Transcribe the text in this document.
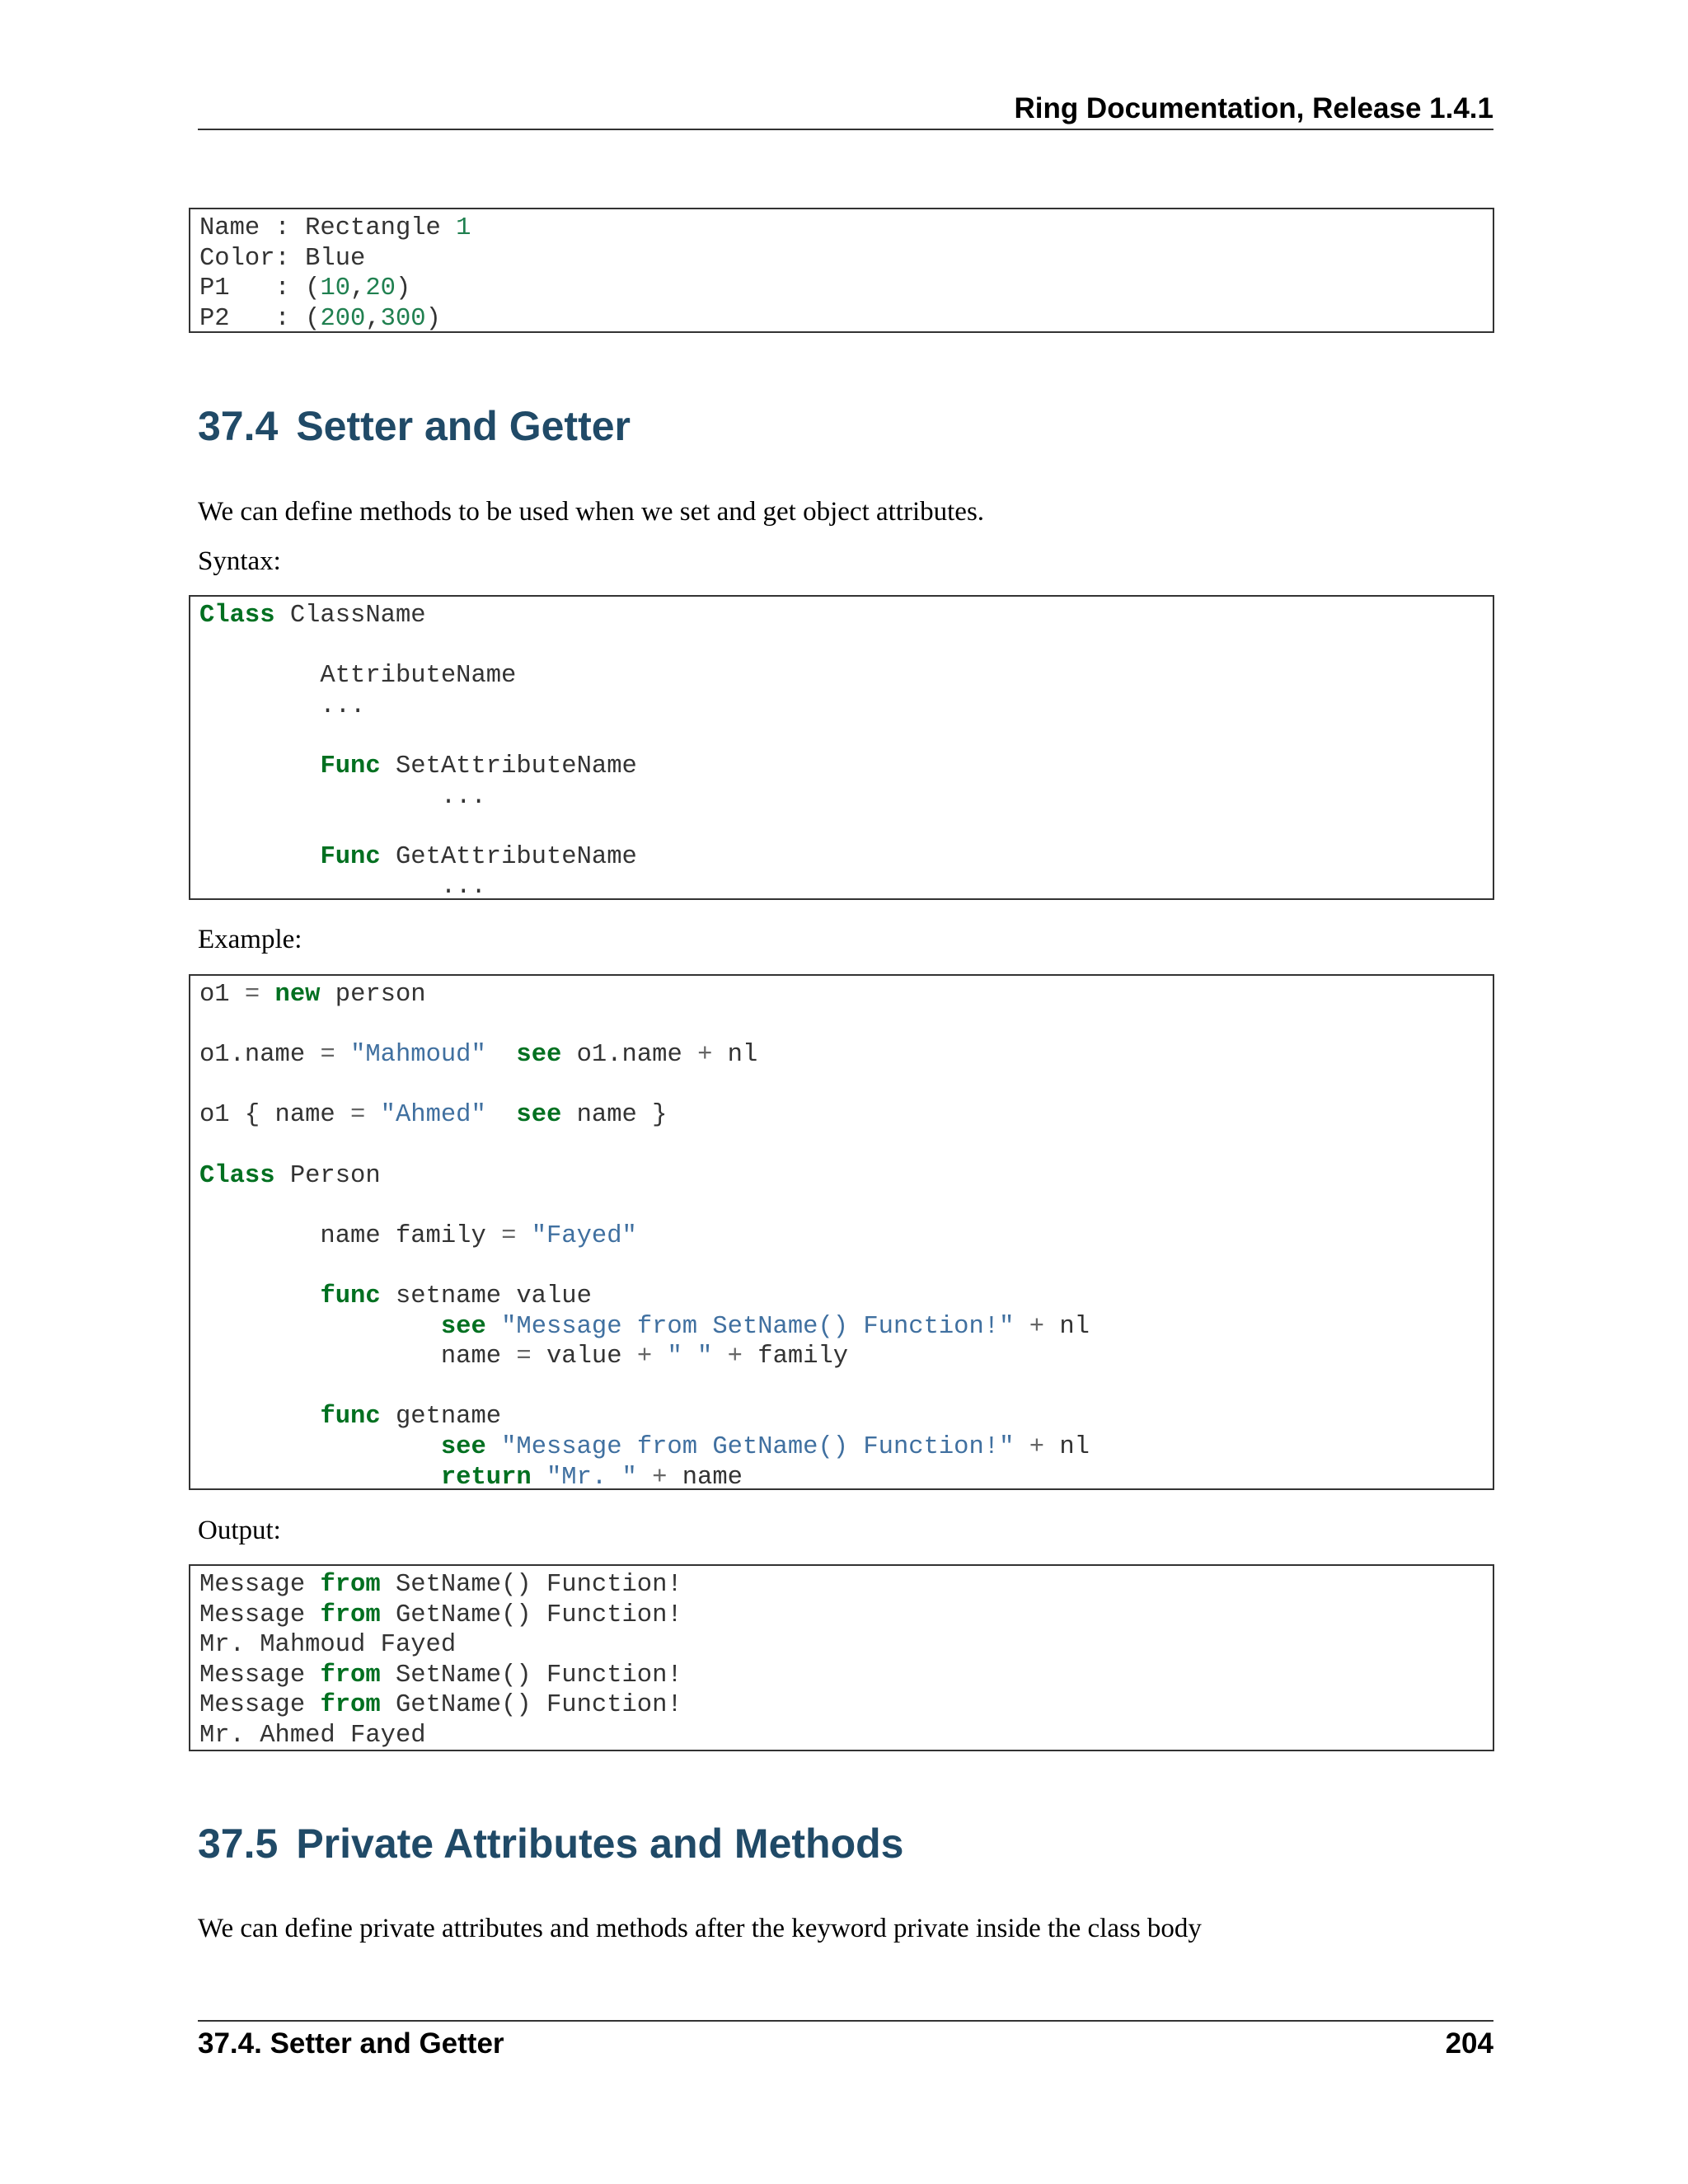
Ring Documentation, Release 1.4.1
Name : Rectangle 1
Color: Blue
P1   : (10,20)
P2   : (200,300)
37.4 Setter and Getter

We can define methods to be used when we set and get object attributes.

Syntax:

Class ClassName
AttributeName
...
Func SetAttributeName
...
Func GetAttributeName
...

Example:

o1 = new person
o1.name = "Mahmoud" see o1.name + nl
o1 { name = "Ahmed" see name }
Class Person
name family = "Fayed"
func setname value
see "Message from SetName() Function!" + nl
name = value + " " + family
func getname
see "Message from GetName() Function!" + nl
return "Mr. " + name

Output:

Message from SetName() Function!
Message from GetName() Function!
Mr. Mahmoud Fayed
Message from SetName() Function!
Message from GetName() Function!
Mr. Ahmed Fayed
37.5 Private Attributes and Methods

We can define private attributes and methods after the keyword private inside the class body

37.4. Setter and Getter	204
